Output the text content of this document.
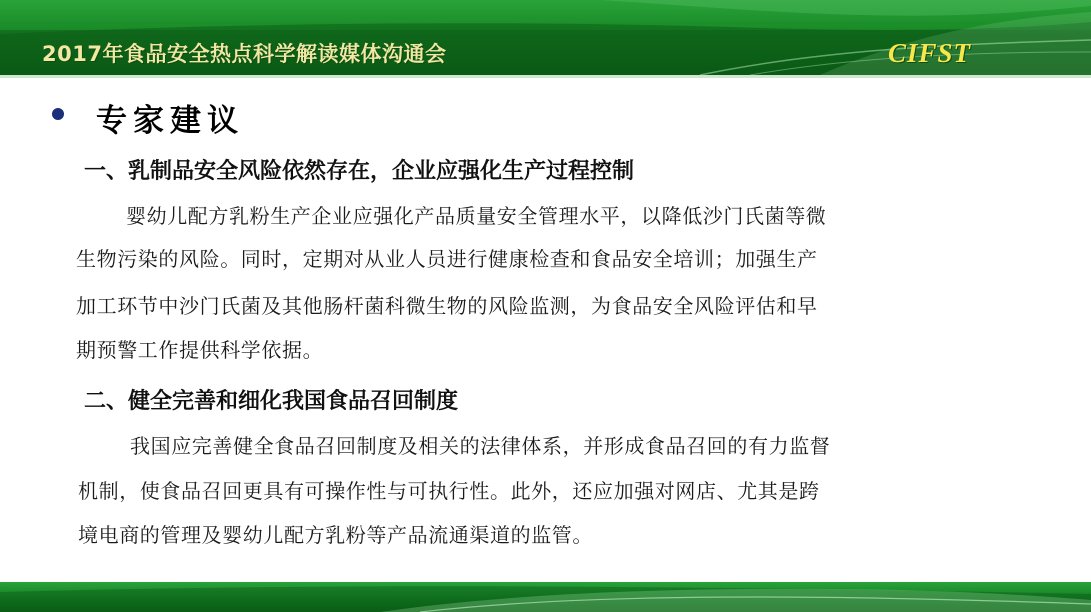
2017年食品安全热点科学解读媒体沟通会	CIFST
专家建议
一、乳制品安全风险依然存在，企业应强化生产过程控制
婴幼儿配方乳粉生产企业应强化产品质量安全管理水平，以降低沙门氏菌等微
生物污染的风险。同时，定期对从业人员进行健康检查和食品安全培训；加强生产
加工环节中沙门氏菌及其他肠杆菌科微生物的风险监测，为食品安全风险评估和早
期预警工作提供科学依据。
二、健全完善和细化我国食品召回制度
我国应完善健全食品召回制度及相关的法律体系，并形成食品召回的有力监督
机制，使食品召回更具有可操作性与可执行性。此外，还应加强对网店、尤其是跨
境电商的管理及婴幼儿配方乳粉等产品流通渠道的监管。
